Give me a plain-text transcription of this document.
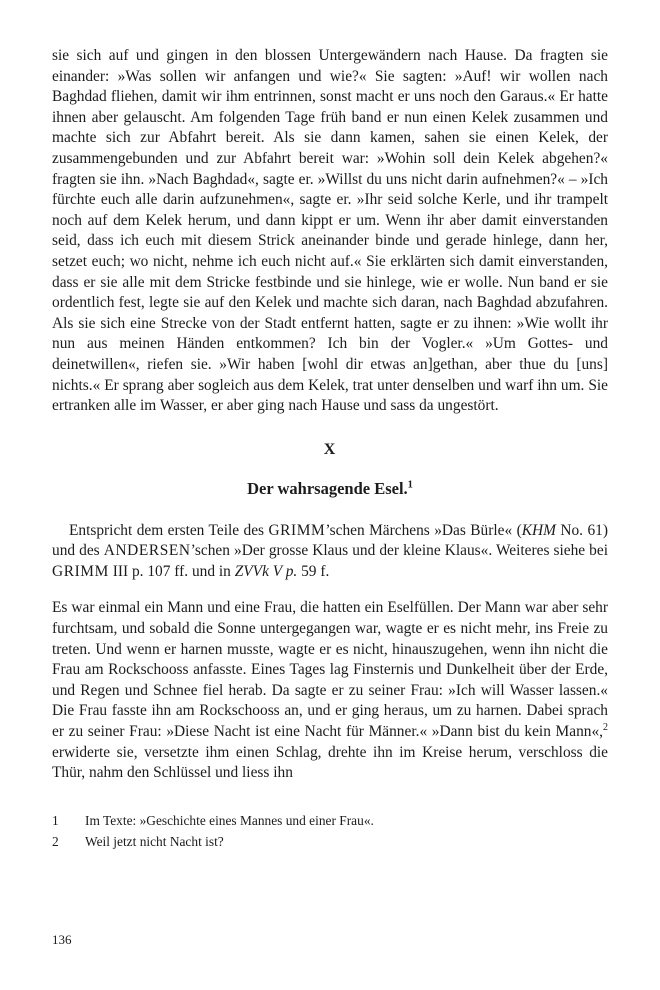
sie sich auf und gingen in den blossen Untergewändern nach Hause. Da fragten sie einander: »Was sollen wir anfangen und wie?« Sie sagten: »Auf! wir wollen nach Baghdad fliehen, damit wir ihm entrinnen, sonst macht er uns noch den Garaus.« Er hatte ihnen aber gelauscht. Am folgenden Tage früh band er nun einen Kelek zusammen und machte sich zur Abfahrt bereit. Als sie dann kamen, sahen sie einen Kelek, der zusammengebunden und zur Abfahrt bereit war: »Wohin soll dein Kelek abgehen?« fragten sie ihn. »Nach Baghdad«, sagte er. »Willst du uns nicht darin aufnehmen?« – »Ich fürchte euch alle darin aufzunehmen«, sagte er. »Ihr seid solche Kerle, und ihr trampelt noch auf dem Kelek herum, und dann kippt er um. Wenn ihr aber damit einverstanden seid, dass ich euch mit diesem Strick aneinander binde und gerade hinlege, dann her, setzet euch; wo nicht, nehme ich euch nicht auf.« Sie erklärten sich damit einverstanden, dass er sie alle mit dem Stricke festbinde und sie hinlege, wie er wolle. Nun band er sie ordentlich fest, legte sie auf den Kelek und machte sich daran, nach Baghdad abzufahren. Als sie sich eine Strecke von der Stadt entfernt hatten, sagte er zu ihnen: »Wie wollt ihr nun aus meinen Händen entkommen? Ich bin der Vogler.« »Um Gottes- und deinetwillen«, riefen sie. »Wir haben [wohl dir etwas an]gethan, aber thue du [uns] nichts.« Er sprang aber sogleich aus dem Kelek, trat unter denselben und warf ihn um. Sie ertranken alle im Wasser, er aber ging nach Hause und sass da ungestört.

X
Der wahrsagende Esel.$^1$

Entspricht dem ersten Teile des GRIMM’schen Märchens »Das Bürle« (KHM No. 61) und des ANDERSEN’schen »Der grosse Klaus und der kleine Klaus«. Weiteres siehe bei GRIMM III p. 107 ff. und in ZVVk V p. 59 f.

Es war einmal ein Mann und eine Frau, die hatten ein Eselfüllen. Der Mann war aber sehr furchtsam, und sobald die Sonne untergegangen war, wagte er es nicht mehr, ins Freie zu treten. Und wenn er harnen musste, wagte er es nicht, hinauszugehen, wenn ihn nicht die Frau am Rockschooss anfasste. Eines Tages lag Finsternis und Dunkelheit über der Erde, und Regen und Schnee fiel herab. Da sagte er zu seiner Frau: »Ich will Wasser lassen.« Die Frau fasste ihn am Rockschooss an, und er ging heraus, um zu harnen. Dabei sprach er zu seiner Frau: »Diese Nacht ist eine Nacht für Männer.« »Dann bist du kein Mann«,$^2$ erwiderte sie, versetzte ihm einen Schlag, drehte ihn im Kreise herum, verschloss die Thür, nahm den Schlüssel und liess ihn

1	Im Texte: »Geschichte eines Mannes und einer Frau«.
2	Weil jetzt nicht Nacht ist?
136
